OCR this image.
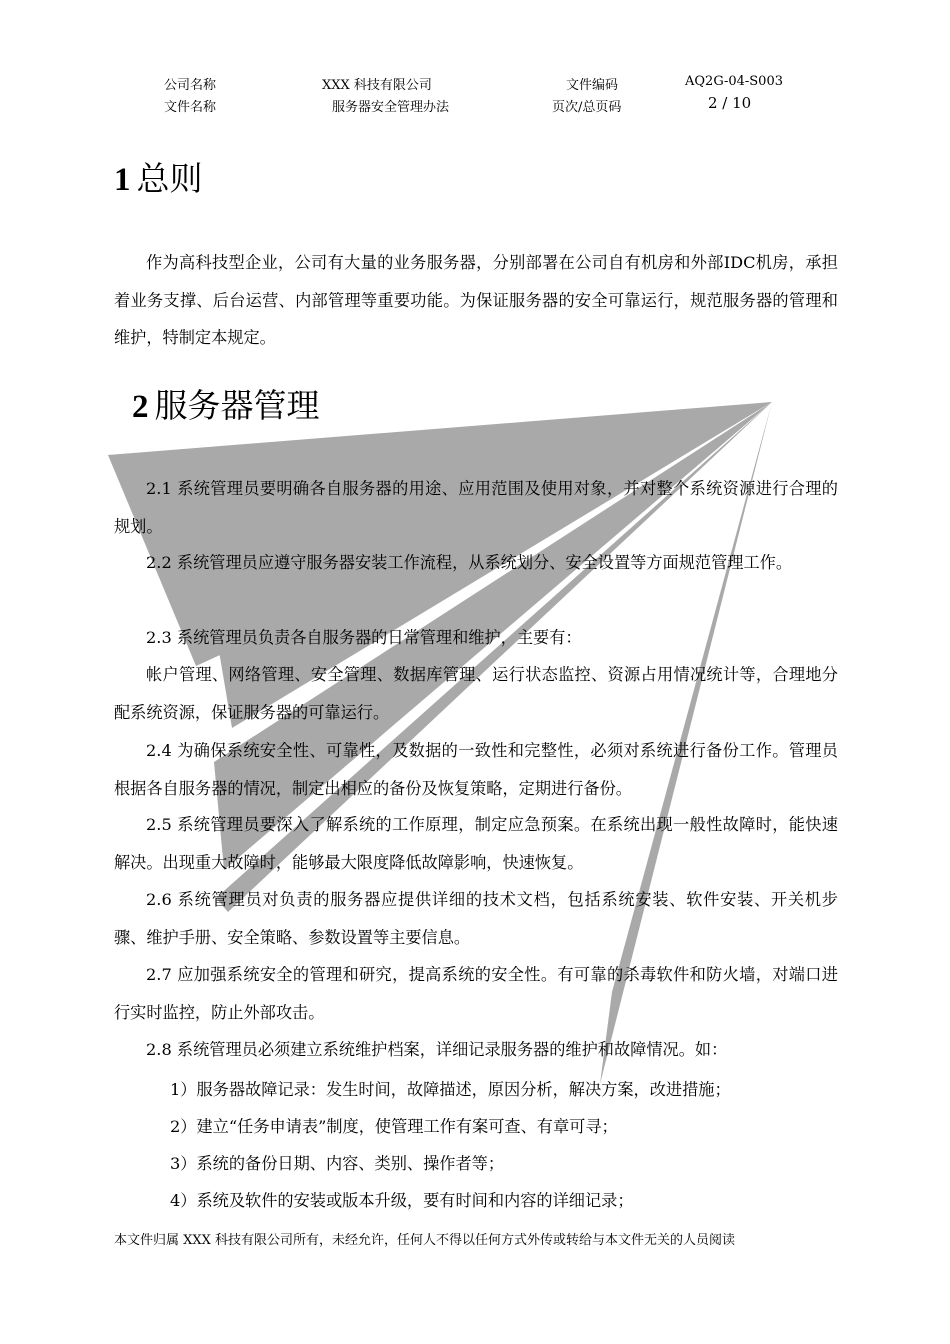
公司名称	XXX 科技有限公司	文件编码	AQ2G-04-S003
文件名称	服务器安全管理办法	页次/总页码	2 / 10
1 总则
作为高科技型企业，公司有大量的业务服务器，分别部署在公司自有机房和外部IDC机房，承担着业务支撑、后台运营、内部管理等重要功能。为保证服务器的安全可靠运行，规范服务器的管理和维护，特制定本规定。
2 服务器管理
2.1 系统管理员要明确各自服务器的用途、应用范围及使用对象，并对整个系统资源进行合理的规划。
2.2 系统管理员应遵守服务器安装工作流程，从系统划分、安全设置等方面规范管理工作。
2.3 系统管理员负责各自服务器的日常管理和维护，主要有：
帐户管理、网络管理、安全管理、数据库管理、运行状态监控、资源占用情况统计等，合理地分配系统资源，保证服务器的可靠运行。
2.4 为确保系统安全性、可靠性，及数据的一致性和完整性，必须对系统进行备份工作。管理员根据各自服务器的情况，制定出相应的备份及恢复策略，定期进行备份。
2.5 系统管理员要深入了解系统的工作原理，制定应急预案。在系统出现一般性故障时，能快速解决。出现重大故障时，能够最大限度降低故障影响，快速恢复。
2.6 系统管理员对负责的服务器应提供详细的技术文档，包括系统安装、软件安装、开关机步骤、维护手册、安全策略、参数设置等主要信息。
2.7 应加强系统安全的管理和研究，提高系统的安全性。有可靠的杀毒软件和防火墙，对端口进行实时监控，防止外部攻击。
2.8 系统管理员必须建立系统维护档案，详细记录服务器的维护和故障情况。如：
1）服务器故障记录：发生时间，故障描述，原因分析，解决方案，改进措施；
2）建立“任务申请表”制度，使管理工作有案可查、有章可寻；
3）系统的备份日期、内容、类别、操作者等；
4）系统及软件的安装或版本升级，要有时间和内容的详细记录；
本文件归属 XXX 科技有限公司所有，未经允许，任何人不得以任何方式外传或转给与本文件无关的人员阅读
